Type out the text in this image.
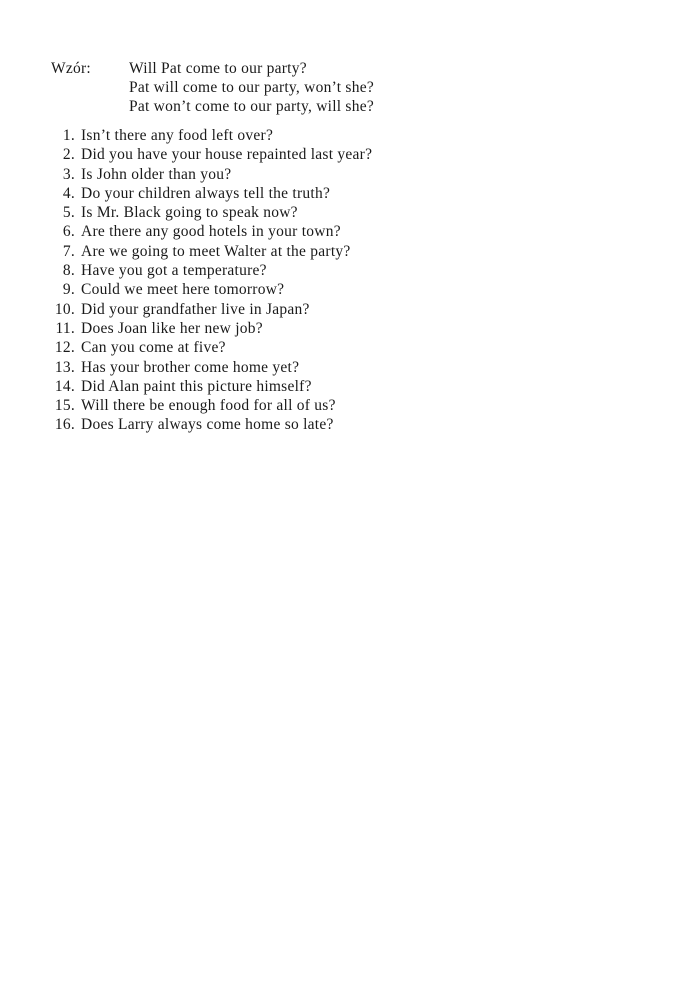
Wzór: Will Pat come to our party?
Pat will come to our party, won’t she?
Pat won’t come to our party, will she?
1. Isn’t there any food left over?
2. Did you have your house repainted last year?
3. Is John older than you?
4. Do your children always tell the truth?
5. Is Mr. Black going to speak now?
6. Are there any good hotels in your town?
7. Are we going to meet Walter at the party?
8. Have you got a temperature?
9. Could we meet here tomorrow?
10. Did your grandfather live in Japan?
11. Does Joan like her new job?
12. Can you come at five?
13. Has your brother come home yet?
14. Did Alan paint this picture himself?
15. Will there be enough food for all of us?
16. Does Larry always come home so late?
